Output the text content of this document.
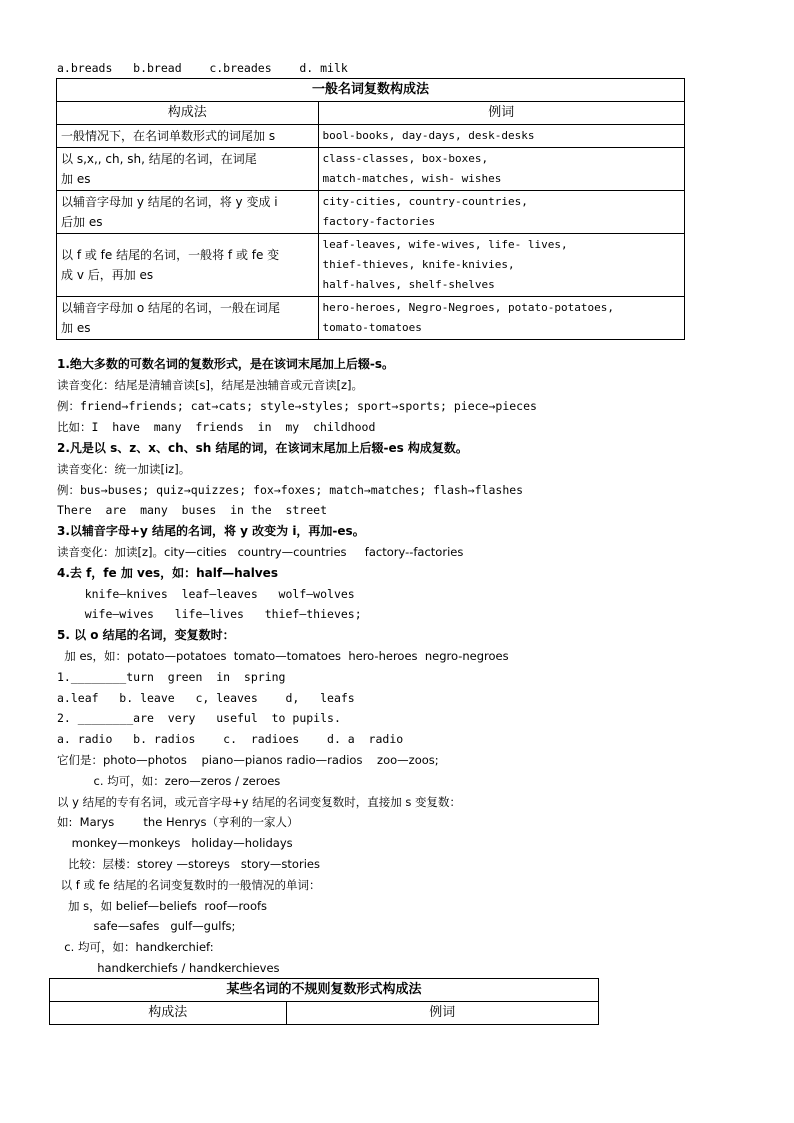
a.breads   b.bread    c.breades    d. milk
一般名词复数构成法	
构成法	例词

一般情况下，在名词单数形式的词尾加 s	bool-books, day-days, desk-desks

以 s,x,, ch, sh, 结尾的名词，在词尾
加 es	class-classes, box-boxes,
match-matches, wish- wishes

以辅音字母加 y 结尾的名词，将 y 变成 i
后加 es	city-cities, country-countries,
factory-factories

以 f 或 fe 结尾的名词，一般将 f 或 fe 变
成 v 后，再加 es	leaf-leaves, wife-wives, life- lives,
thief-thieves, knife-knivies,
half-halves, shelf-shelves

以辅音字母加 o 结尾的名词，一般在词尾
加 es	hero-heroes, Negro-Negroes, potato-potatoes,
tomato-tomatoes
1.绝大多数的可数名词的复数形式，是在该词末尾加上后辍-s。
读音变化：结尾是清辅音读[s]，结尾是浊辅音或元音读[z]。
例：friend→friends; cat→cats; style→styles; sport→sports; piece→pieces
比如：I  have  many  friends  in  my  childhood
2.凡是以 s、z、x、ch、sh 结尾的词，在该词末尾加上后辍-es 构成复数。
读音变化：统一加读[iz]。
例：bus→buses; quiz→quizzes; fox→foxes; match→matches; flash→flashes
There  are  many  buses  in the  street
3.以辅音字母+y 结尾的名词，将 y 改变为 i，再加-es。
读音变化：加读[z]。city—cities   country—countries     factory--factories
4.去 f，fe 加 ves，如：half—halves
knife—knives  leaf—leaves   wolf—wolves
wife—wives   life—lives   thief—thieves;
5. 以 o 结尾的名词，变复数时：
加 es，如：potato—potatoes  tomato—tomatoes  hero-heroes  negro-negroes
1.________turn  green  in  spring
a.leaf   b. leave   c, leaves    d,   leafs
2. ________are  very   useful  to pupils.
a. radio   b. radios    c.  radioes    d. a  radio
它们是：photo—photos    piano—pianos radio—radios    zoo—zoos;
c. 均可，如：zero—zeros / zeroes
以 y 结尾的专有名词，或元音字母+y 结尾的名词变复数时，直接加 s 变复数：
如:  Marys        the Henrys（亨利的一家人）
monkey—monkeys   holiday—holidays
比较：层楼：storey —storeys   story—stories
以 f 或 fe 结尾的名词变复数时的一般情况的单词：
加 s，如 belief—beliefs  roof—roofs
safe—safes   gulf—gulfs;
c. 均可，如：handkerchief:
handkerchiefs / handkerchieves
某些名词的不规则复数形式构成法
构成法	例词
